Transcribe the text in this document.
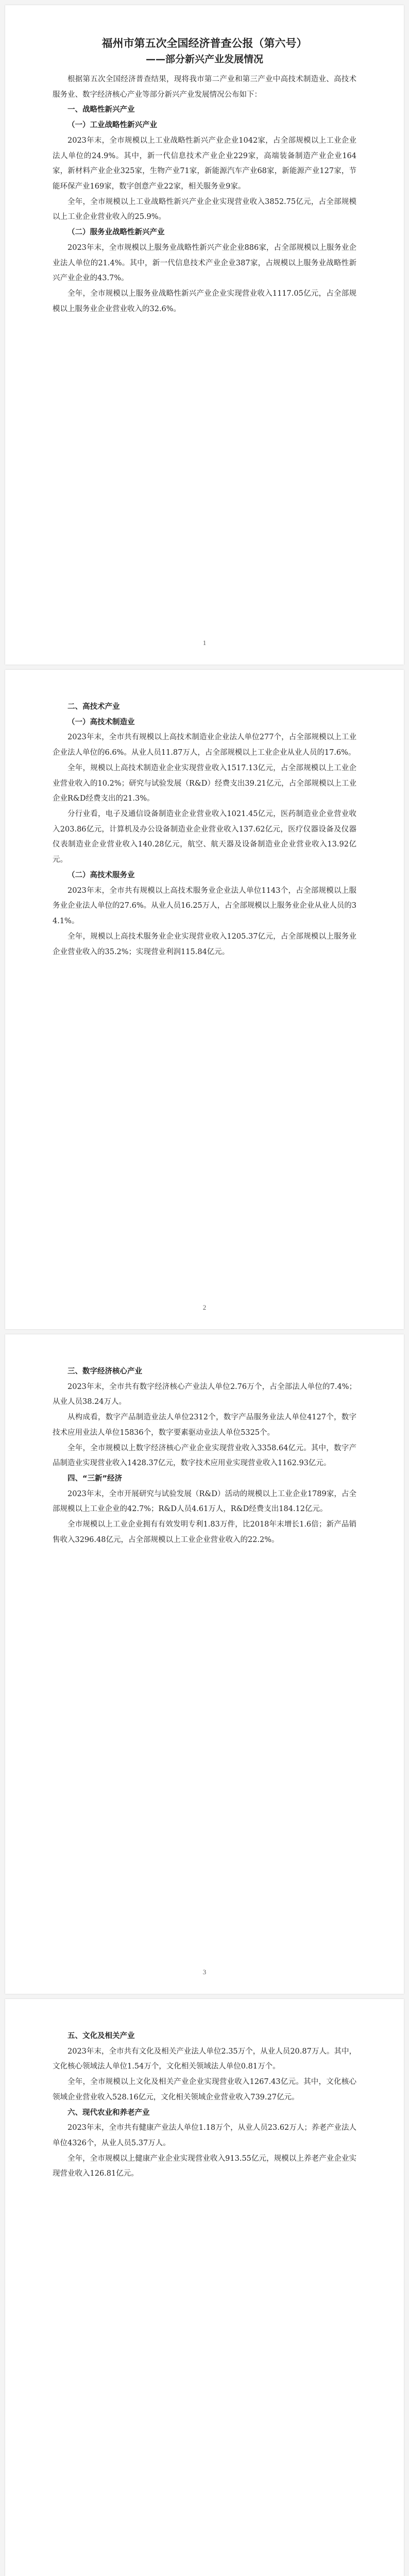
福州市第五次全国经济普查公报（第六号）
——部分新兴产业发展情况

根据第五次全国经济普查结果，现将我市第二产业和第三产业中高技术制造业、高技术服务业、数字经济核心产业等部分新兴产业发展情况公布如下：

一、战略性新兴产业

（一）工业战略性新兴产业

2023年末，全市规模以上工业战略性新兴产业企业1042家，占全部规模以上工业企业法人单位的24.9%。其中，新一代信息技术产业企业229家，高端装备制造产业企业164家，新材料产业企业325家，生物产业71家，新能源汽车产业68家，新能源产业127家，节能环保产业169家，数字创意产业22家，相关服务业9家。

全年，全市规模以上工业战略性新兴产业企业实现营业收入3852.75亿元，占全部规模以上工业企业营业收入的25.9%。

（二）服务业战略性新兴产业

2023年末，全市规模以上服务业战略性新兴产业企业886家，占全部规模以上服务业企业法人单位的21.4%。其中，新一代信息技术产业企业387家，占规模以上服务业战略性新兴产业企业的43.7%。

全年，全市规模以上服务业战略性新兴产业企业实现营业收入1117.05亿元，占全部规模以上服务业企业营业收入的32.6%。

1

二、高技术产业

（一）高技术制造业

2023年末，全市共有规模以上高技术制造业企业法人单位277个，占全部规模以上工业企业法人单位的6.6%。从业人员11.87万人，占全部规模以上工业企业从业人员的17.6%。

全年，规模以上高技术制造业企业实现营业收入1517.13亿元，占全部规模以上工业企业营业收入的10.2%；研究与试验发展（R&D）经费支出39.21亿元，占全部规模以上工业企业R&D经费支出的21.3%。

分行业看，电子及通信设备制造业企业营业收入1021.45亿元，医药制造业企业营业收入203.86亿元，计算机及办公设备制造业企业营业收入137.62亿元，医疗仪器设备及仪器仪表制造业企业营业收入140.28亿元，航空、航天器及设备制造业企业营业收入13.92亿元。

（二）高技术服务业

2023年末，全市共有规模以上高技术服务业企业法人单位1143个，占全部规模以上服务业企业法人单位的27.6%。从业人员16.25万人，占全部规模以上服务业企业从业人员的34.1%。

全年，规模以上高技术服务业企业实现营业收入1205.37亿元，占全部规模以上服务业企业营业收入的35.2%；实现营业利润115.84亿元。

2

三、数字经济核心产业

2023年末，全市共有数字经济核心产业法人单位2.76万个，占全部法人单位的7.4%；从业人员38.24万人。

从构成看，数字产品制造业法人单位2312个，数字产品服务业法人单位4127个，数字技术应用业法人单位15836个，数字要素驱动业法人单位5325个。

全年，全市规模以上数字经济核心产业企业实现营业收入3358.64亿元。其中，数字产品制造业实现营业收入1428.37亿元，数字技术应用业实现营业收入1162.93亿元。

四、“三新”经济

2023年末，全市开展研究与试验发展（R&D）活动的规模以上工业企业1789家，占全部规模以上工业企业的42.7%；R&D人员4.61万人，R&D经费支出184.12亿元。

全市规模以上工业企业拥有有效发明专利1.83万件，比2018年末增长1.6倍；新产品销售收入3296.48亿元，占全部规模以上工业企业营业收入的22.2%。

3

五、文化及相关产业

2023年末，全市共有文化及相关产业法人单位2.35万个，从业人员20.87万人。其中，文化核心领域法人单位1.54万个，文化相关领域法人单位0.81万个。

全年，全市规模以上文化及相关产业企业实现营业收入1267.43亿元。其中，文化核心领域企业营业收入528.16亿元，文化相关领域企业营业收入739.27亿元。

六、现代农业和养老产业

2023年末，全市共有健康产业法人单位1.18万个，从业人员23.62万人；养老产业法人单位4326个，从业人员5.37万人。

全年，全市规模以上健康产业企业实现营业收入913.55亿元，规模以上养老产业企业实现营业收入126.81亿元。
